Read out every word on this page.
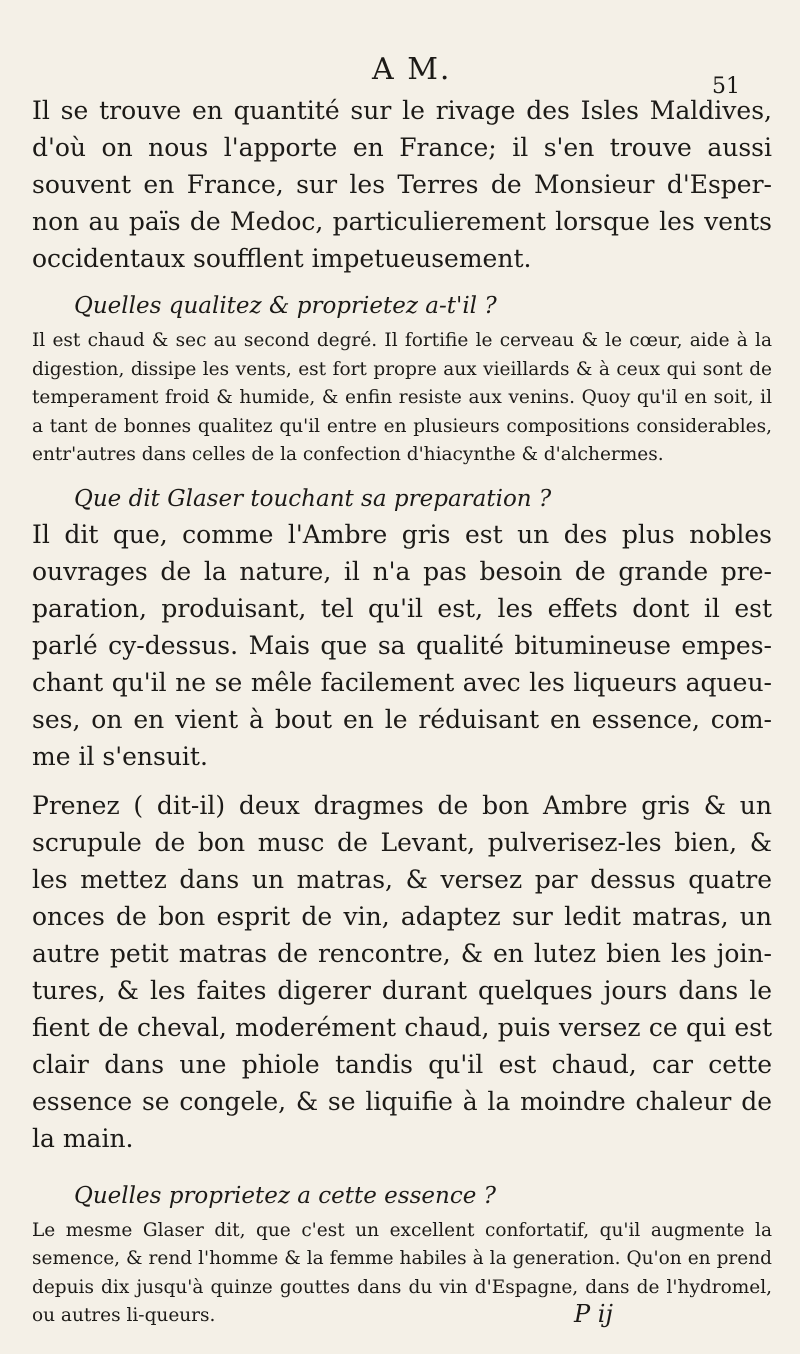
A M.	51

Il se trouve en quantité sur le rivage des Isles Maldives, d'où on nous l'apporte en France; il s'en trouve aussi souvent en France, sur les Terres de Monsieur d'Esper-non au païs de Medoc, particulierement lorsque les vents occidentaux soufflent impetueusement.

Quelles qualitez & proprietez a-t'il ?

Il est chaud & sec au second degré. Il fortifie le cerveau & le cœur, aide à la digestion, dissipe les vents, est fort propre aux vieillards & à ceux qui sont de temperament froid & humide, & enfin resiste aux venins. Quoy qu'il en soit, il a tant de bonnes qualitez qu'il entre en plusieurs compositions considerables, entr'autres dans celles de la confection d'hiacynthe & d'alchermes.

Que dit Glaser touchant sa preparation ?

Il dit que, comme l'Ambre gris est un des plus nobles ouvrages de la nature, il n'a pas besoin de grande pre-paration, produisant, tel qu'il est, les effets dont il est parlé cy-dessus. Mais que sa qualité bitumineuse empes-chant qu'il ne se mêle facilement avec les liqueurs aqueu-ses, on en vient à bout en le réduisant en essence, com-me il s'ensuit.

Prenez ( dit-il) deux dragmes de bon Ambre gris & un scrupule de bon musc de Levant, pulverisez-les bien, & les mettez dans un matras, & versez par dessus quatre onces de bon esprit de vin, adaptez sur ledit matras, un autre petit matras de rencontre, & en lutez bien les join-tures, & les faites digerer durant quelques jours dans le fient de cheval, moderément chaud, puis versez ce qui est clair dans une phiole tandis qu'il est chaud, car cette essence se congele, & se liquifie à la moindre chaleur de la main.

Quelles proprietez a cette essence ?

Le mesme Glaser dit, que c'est un excellent confortatif, qu'il augmente la semence, & rend l'homme & la femme habiles à la generation. Qu'on en prend depuis dix jusqu'à quinze gouttes dans du vin d'Espagne, dans de l'hydromel, ou autres li-queurs.	P ij
